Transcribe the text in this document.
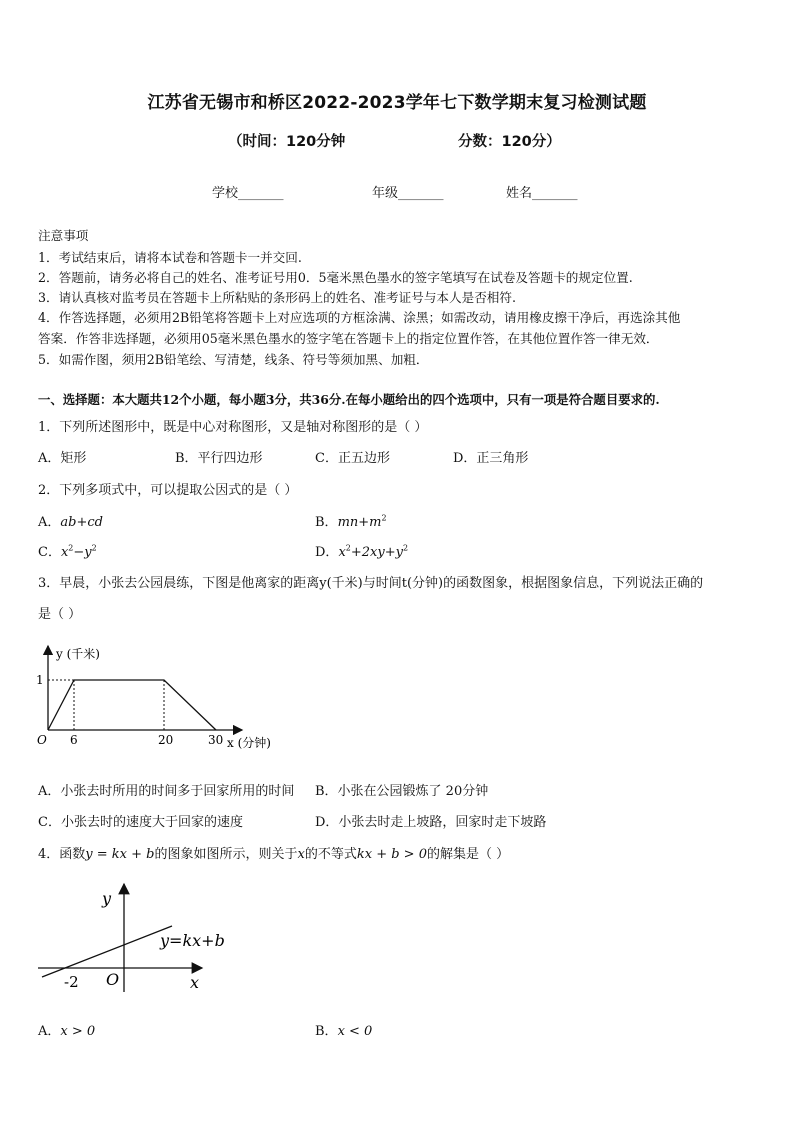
江苏省无锡市和桥区2022-2023学年七下数学期末复习检测试题
（时间：120分钟	分数：120分）
学校_______	年级_______	姓名_______
注意事项
1．考试结束后，请将本试卷和答题卡一并交回.
2．答题前，请务必将自己的姓名、准考证号用0．5毫米黑色墨水的签字笔填写在试卷及答题卡的规定位置.
3．请认真核对监考员在答题卡上所粘贴的条形码上的姓名、准考证号与本人是否相符.
4．作答选择题，必须用2B铅笔将答题卡上对应选项的方框涂满、涂黑；如需改动，请用橡皮擦干净后，再选涂其他
答案．作答非选择题，必须用05毫米黑色墨水的签字笔在答题卡上的指定位置作答，在其他位置作答一律无效．
5．如需作图，须用2B铅笔绘、写清楚，线条、符号等须加黑、加粗．
一、选择题：本大题共12个小题，每小题3分，共36分.在每小题给出的四个选项中，只有一项是符合题目要求的.
1．下列所述图形中，既是中心对称图形，又是轴对称图形的是（ ）
A．矩形	B．平行四边形	C．正五边形	D．正三角形
2．下列多项式中，可以提取公因式的是（ ）
A．ab+cd	B．$mn+m^2$
C．$x^2-y^2$	D．$x^2+2xy+y^2$
3．早晨，小张去公园晨练，下图是他离家的距离y(千米)与时间t(分钟)的函数图象，根据图象信息，下列说法正确的
是（ ）
y (千米)
1
O 6	20	30 x (分钟)
A．小张去时所用的时间多于回家所用的时间 B．小张在公园锻炼了 20分钟
C．小张去时的速度大于回家的速度	D．小张去时走上坡路，回家时走下坡路
4．函数y = kx + b的图象如图所示，则关于x的不等式kx + b > 0的解集是（ ）
y
y=kx+b
-2 O	x
A．x > 0	B．x < 0
